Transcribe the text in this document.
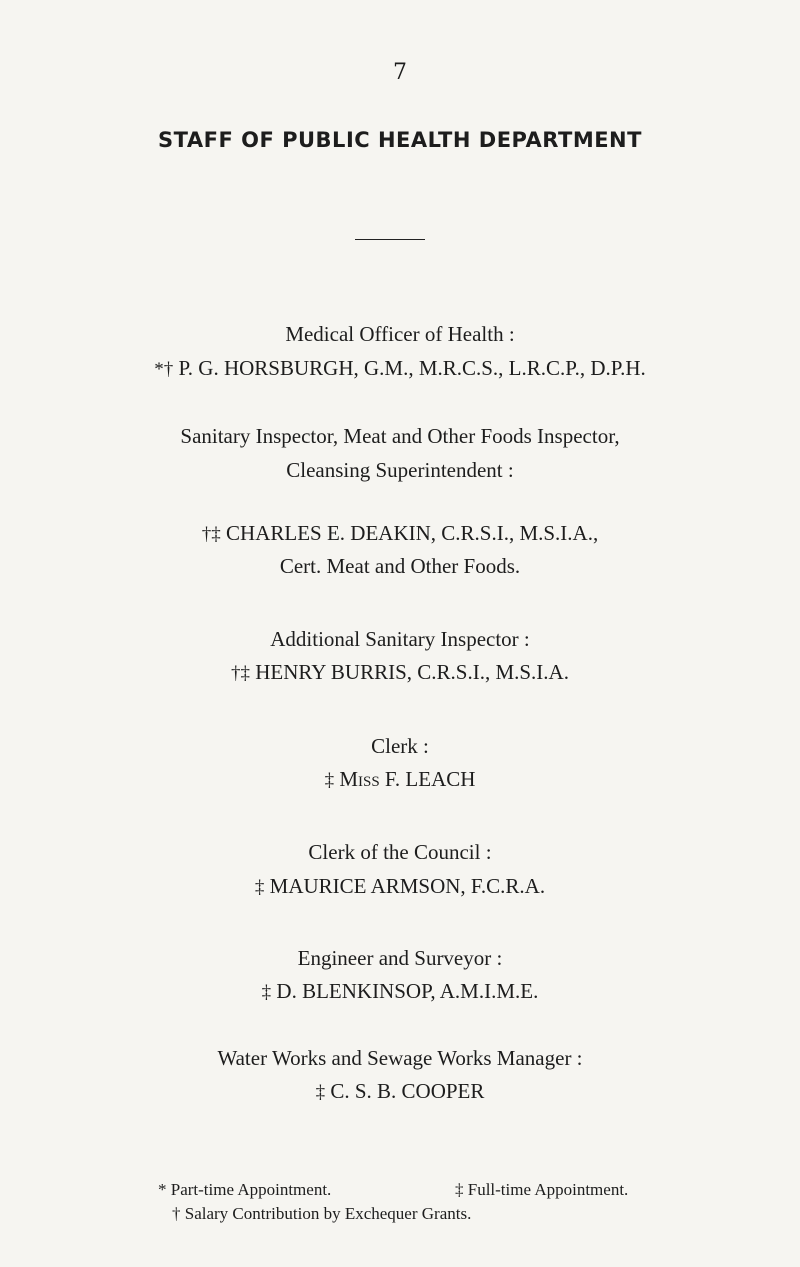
7
STAFF OF PUBLIC HEALTH DEPARTMENT
Medical Officer of Health :
*† P. G. HORSBURGH, G.M., M.R.C.S., L.R.C.P., D.P.H.
Sanitary Inspector, Meat and Other Foods Inspector,
Cleansing Superintendent :
†‡ CHARLES E. DEAKIN, C.R.S.I., M.S.I.A.,
Cert. Meat and Other Foods.
Additional Sanitary Inspector :
†‡ HENRY BURRIS, C.R.S.I., M.S.I.A.
Clerk :
‡ Miss F. LEACH
Clerk of the Council :
‡ MAURICE ARMSON, F.C.R.A.
Engineer and Surveyor :
‡ D. BLENKINSOP, A.M.I.M.E.
Water Works and Sewage Works Manager :
‡ C. S. B. COOPER
* Part-time Appointment.	‡ Full-time Appointment.
† Salary Contribution by Exchequer Grants.
